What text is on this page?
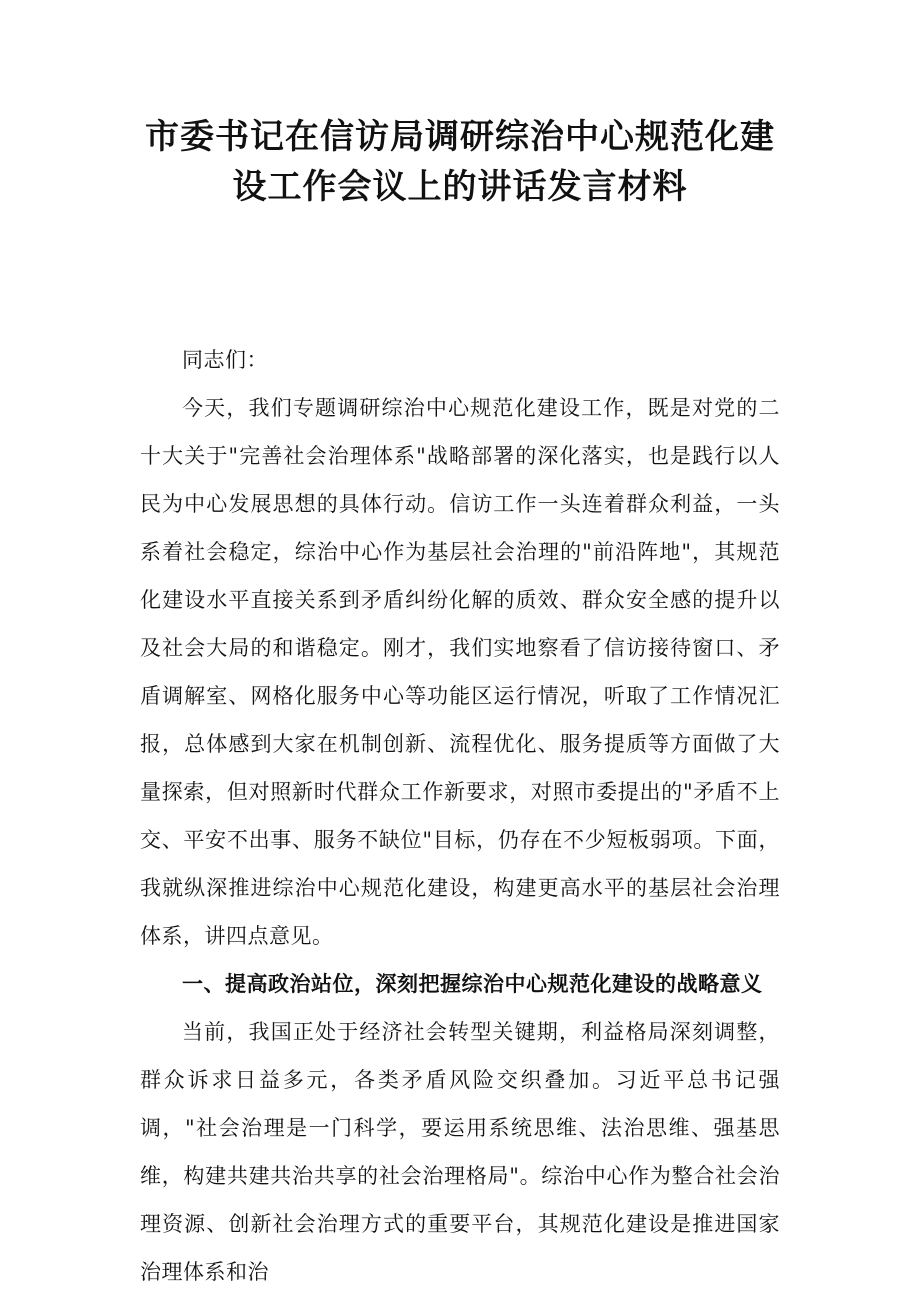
市委书记在信访局调研综治中心规范化建
设工作会议上的讲话发言材料

同志们：

今天，我们专题调研综治中心规范化建设工作，既是对党的二十大关于"完善社会治理体系"战略部署的深化落实，也是践行以人民为中心发展思想的具体行动。信访工作一头连着群众利益，一头系着社会稳定，综治中心作为基层社会治理的"前沿阵地"，其规范化建设水平直接关系到矛盾纠纷化解的质效、群众安全感的提升以及社会大局的和谐稳定。刚才，我们实地察看了信访接待窗口、矛盾调解室、网格化服务中心等功能区运行情况，听取了工作情况汇报，总体感到大家在机制创新、流程优化、服务提质等方面做了大量探索，但对照新时代群众工作新要求，对照市委提出的"矛盾不上交、平安不出事、服务不缺位"目标，仍存在不少短板弱项。下面，我就纵深推进综治中心规范化建设，构建更高水平的基层社会治理体系，讲四点意见。

一、提高政治站位，深刻把握综治中心规范化建设的战略意义

当前，我国正处于经济社会转型关键期，利益格局深刻调整，群众诉求日益多元，各类矛盾风险交织叠加。习近平总书记强调，"社会治理是一门科学，要运用系统思维、法治思维、强基思维，构建共建共治共享的社会治理格局"。综治中心作为整合社会治理资源、创新社会治理方式的重要平台，其规范化建设是推进国家治理体系和治
